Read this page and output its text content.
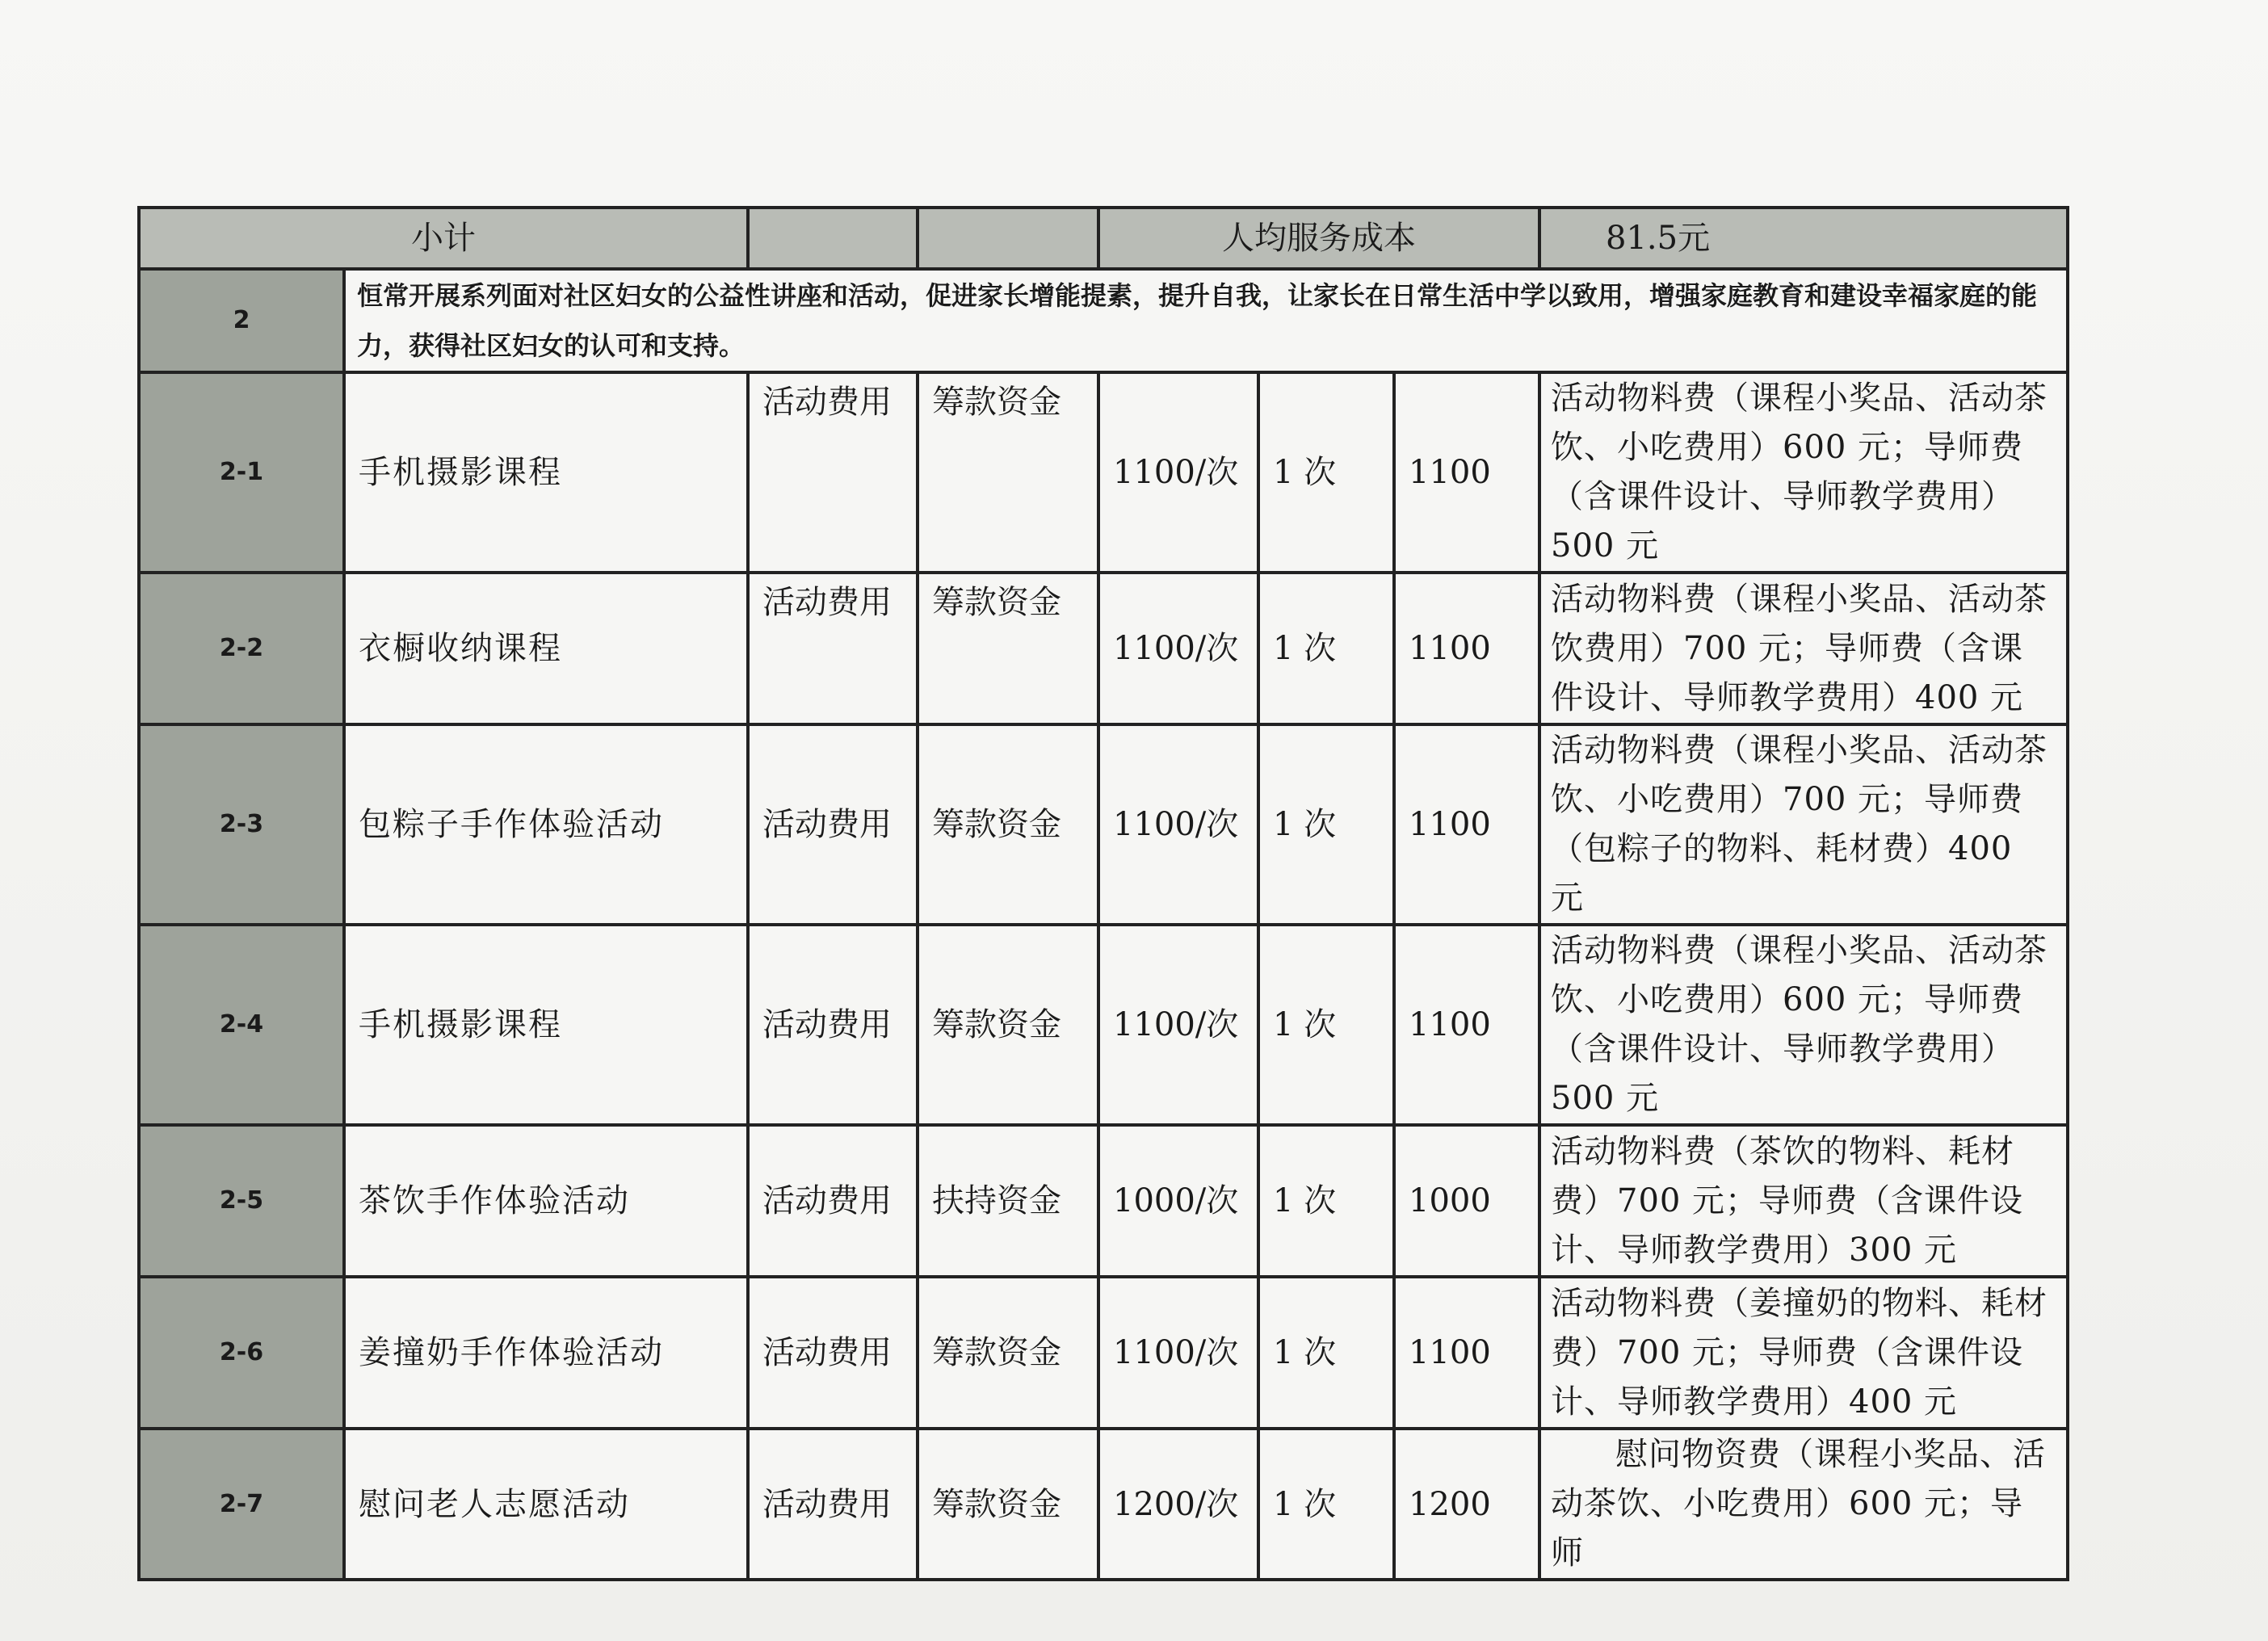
小计				人均服务成本			81.5元
2	恒常开展系列面对社区妇女的公益性讲座和活动，促进家长增能提素，提升自我，让家长在日常生活中学以致用，增强家庭教育和建设幸福家庭的能力，获得社区妇女的认可和支持。						
2-1	手机摄影课程	活动费用	筹款资金	1100/次	1 次	1100	活动物料费（课程小奖品、活动茶饮、小吃费用）600 元；导师费（含课件设计、导师教学费用）500 元
2-2	衣橱收纳课程	活动费用	筹款资金	1100/次	1 次	1100	活动物料费（课程小奖品、活动茶饮费用）700 元；导师费（含课件设计、导师教学费用）400 元
2-3	包粽子手作体验活动	活动费用	筹款资金	1100/次	1 次	1100	活动物料费（课程小奖品、活动茶饮、小吃费用）700 元；导师费（包粽子的物料、耗材费）400 元
2-4	手机摄影课程	活动费用	筹款资金	1100/次	1 次	1100	活动物料费（课程小奖品、活动茶饮、小吃费用）600 元；导师费（含课件设计、导师教学费用）500 元
2-5	茶饮手作体验活动	活动费用	扶持资金	1000/次	1 次	1000	活动物料费（茶饮的物料、耗材费）700 元；导师费（含课件设计、导师教学费用）300 元
2-6	姜撞奶手作体验活动	活动费用	筹款资金	1100/次	1 次	1100	活动物料费（姜撞奶的物料、耗材费）700 元；导师费（含课件设计、导师教学费用）400 元
2-7	慰问老人志愿活动	活动费用	筹款资金	1200/次	1 次	1200	慰问物资费（课程小奖品、活动茶饮、小吃费用）600 元；导师
